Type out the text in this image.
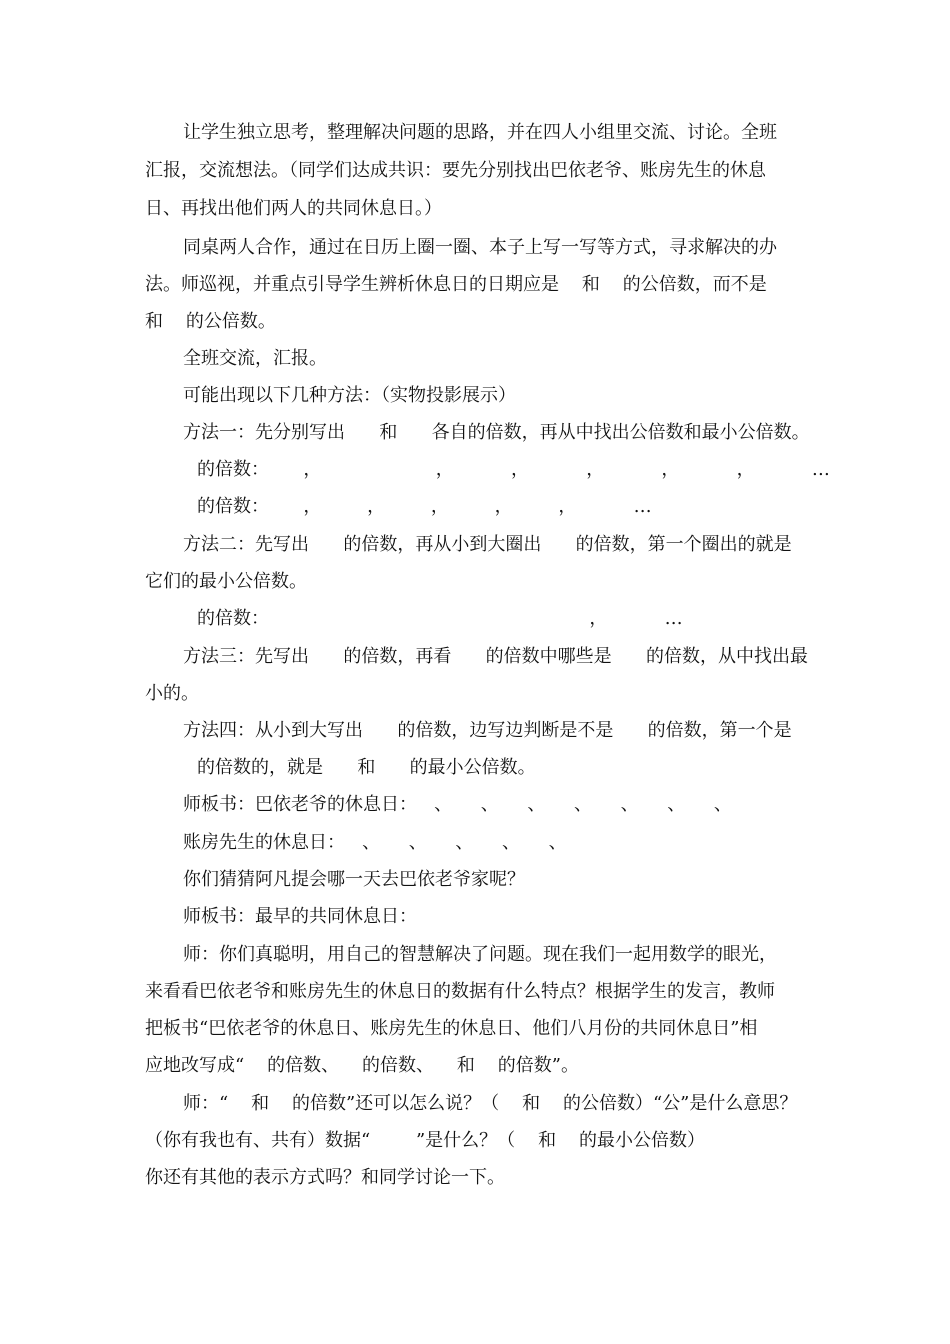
让学生独立思考，整理解决问题的思路，并在四人小组里交流、讨论。全班
汇报，交流想法。（同学们达成共识：要先分别找出巴依老爷、账房先生的休息
日、再找出他们两人的共同休息日。）
同桌两人合作，通过在日历上圈一圈、本子上写一写等方式，寻求解决的办
法。师巡视，并重点引导学生辨析休息日的日期应是    和    的公倍数，而不是
和    的公倍数。
全班交流，汇报。
可能出现以下几种方法：（实物投影展示）
方法一：先分别写出      和      各自的倍数，再从中找出公倍数和最小公倍数。
的倍数：      ，                    ，          ，          ，          ，          ，          …
的倍数：      ，        ，        ，        ，        ，          …
方法二：先写出      的倍数，再从小到大圈出      的倍数，第一个圈出的就是
它们的最小公倍数。
的倍数：                                                        ，          …
方法三：先写出      的倍数，再看      的倍数中哪些是      的倍数，从中找出最
小的。
方法四：从小到大写出      的倍数，边写边判断是不是      的倍数，第一个是
的倍数的，就是      和      的最小公倍数。
师板书：巴依老爷的休息日：   、     、     、     、     、     、     、
账房先生的休息日：   、     、     、     、     、
你们猜猜阿凡提会哪一天去巴依老爷家呢？
师板书：最早的共同休息日：
师：你们真聪明，用自己的智慧解决了问题。现在我们一起用数学的眼光，
来看看巴依老爷和账房先生的休息日的数据有什么特点？根据学生的发言，教师
把板书“巴依老爷的休息日、账房先生的休息日、他们八月份的共同休息日”相
应地改写成“    的倍数、    的倍数、    和    的倍数”。
师：“    和    的倍数”还可以怎么说？（    和    的公倍数）“公”是什么意思？
（你有我也有、共有）数据“        ”是什么？（    和    的最小公倍数）
你还有其他的表示方式吗？和同学讨论一下。
